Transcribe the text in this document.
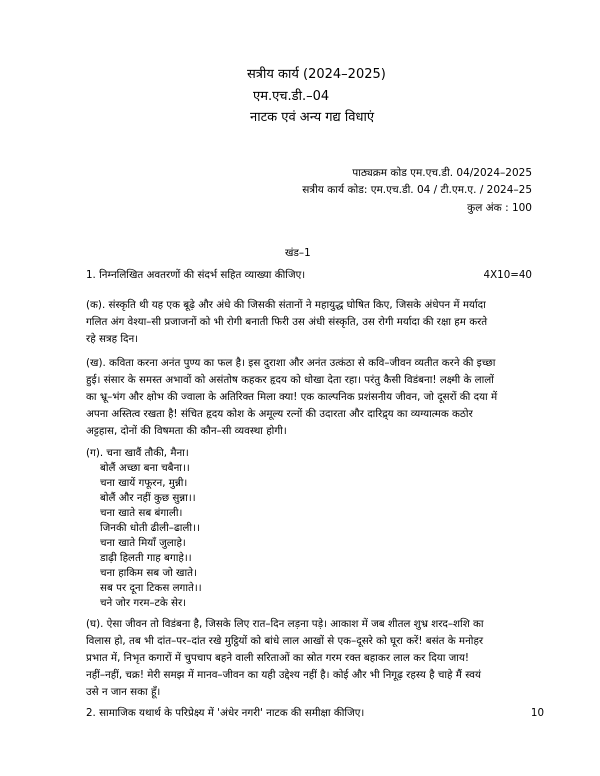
सत्रीय कार्य (2024–2025)
एम.एच.डी.–04
नाटक एवं अन्य गद्य विधाएं
पाठ्यक्रम कोड एम.एच.डी. 04/2024–2025
सत्रीय कार्य कोड: एम.एच.डी. 04 / टी.एम.ए. / 2024–25
कुल अंक : 100
खंड–1
1. निम्नलिखित अवतरणों की संदर्भ सहित व्याख्या कीजिए।	4X10=40
(क). संस्कृति थी यह एक बूढ़े और अंधे की जिसकी संतानों ने महायुद्ध घोषित किए, जिसके अंधेपन में मर्यादा
गलित अंग वेश्या–सी प्रजाजनों को भी रोगी बनाती फिरी उस अंधी संस्कृति, उस रोगी मर्यादा की रक्षा हम करते
रहे सत्रह दिन।
(ख). कविता करना अनंत पुण्य का फल है। इस दुराशा और अनंत उत्कंठा से कवि–जीवन व्यतीत करने की इच्छा
हुई। संसार के समस्त अभावों को असंतोष कहकर हृदय को धोखा देता रहा। परंतु कैसी विडंबना! लक्ष्मी के लालों
का भ्रू–भंग और क्षोभ की ज्वाला के अतिरिक्त मिला क्या! एक काल्पनिक प्रशंसनीय जीवन, जो दूसरों की दया में
अपना अस्तित्व रखता है! संचित हृदय कोश के अमूल्य रत्नों की उदारता और दारिद्र्य का व्यग्यात्मक कठोर
अट्टहास, दोनों की विषमता की कौन–सी व्यवस्था होगी।
(ग). चना खावैं तौकी, मैना।
बोलैं अच्छा बना चबैना।।
चना खायें गफूरन, मुन्नी।
बोलैं और नहीं कुछ सुन्ना।।
चना खाते सब बंगाली।
जिनकी धोती ढीली–ढाली।।
चना खाते मियाँ जुलाहे।
डाढ़ी हिलती गाह बगाहे।।
चना हाकिम सब जो खाते।
सब पर दूना टिकस लगाते।।
चने जोर गरम–टके सेर।
(घ). ऐसा जीवन तो विडंबना है, जिसके लिए रात–दिन लड़ना पड़े। आकाश में जब शीतल शुभ्र शरद–शशि का
विलास हो, तब भी दांत–पर–दांत रखे मुट्ठियों को बांधे लाल आखों से एक–दूसरे को घूरा करें! बसंत के मनोहर
प्रभात में, निभृत कगारों में चुपचाप बहने वाली सरिताओं का स्रोत गरम रक्त बहाकर लाल कर दिया जाय!
नहीं–नहीं, चक्र! मेरी समझ में मानव–जीवन का यही उद्देश्य नहीं है। कोई और भी निगूढ़ रहस्य है चाहे मैं स्वयं
उसे न जान सका हूँ।
2. सामाजिक यथार्थ के परिप्रेक्ष्य में 'अंधेर नगरी' नाटक की समीक्षा कीजिए।	10
